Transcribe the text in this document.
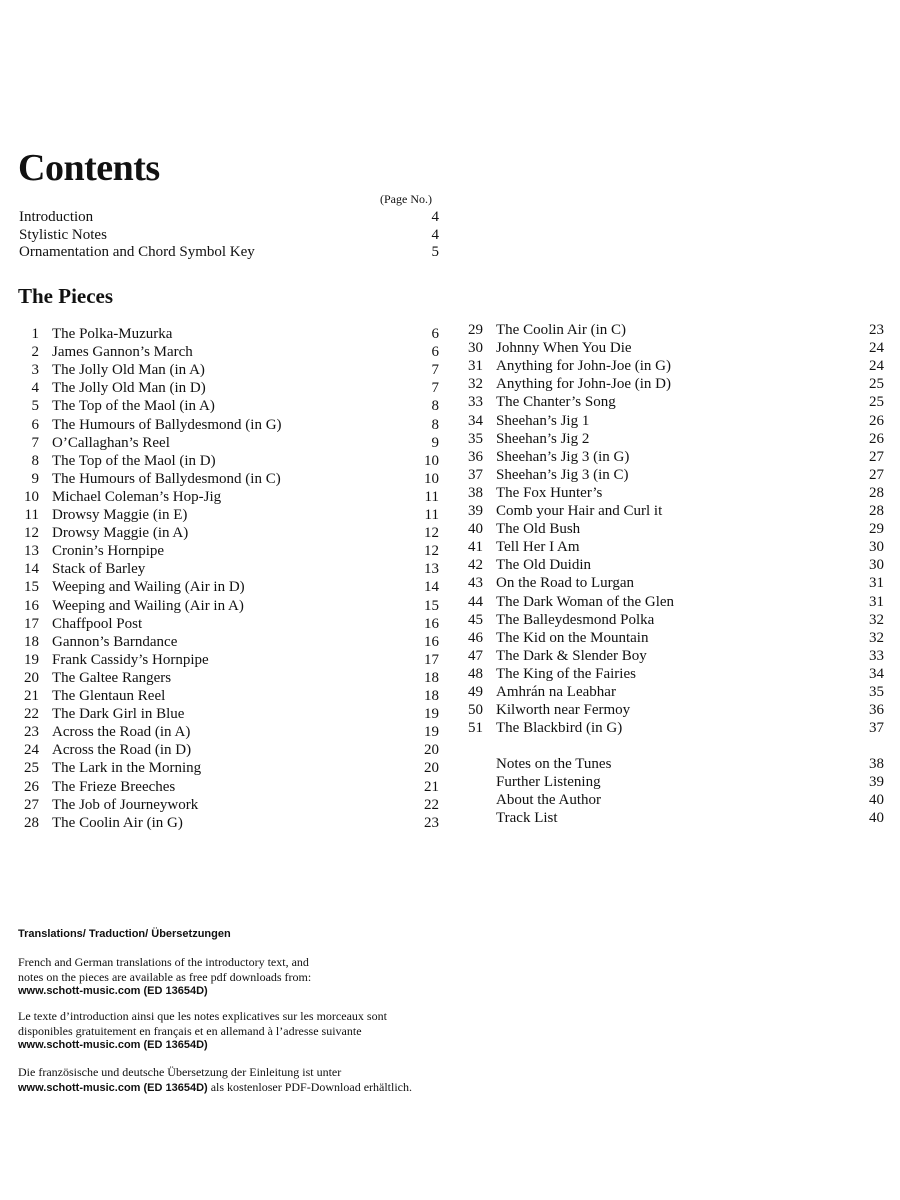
Contents
(Page No.)
Introduction	4
Stylistic Notes	4
Ornamentation and Chord Symbol Key	5
The Pieces
1 The Polka-Muzurka	6
2 James Gannon’s March	6
3 The Jolly Old Man (in A)	7
4 The Jolly Old Man (in D)	7
5 The Top of the Maol (in A)	8
6 The Humours of Ballydesmond (in G)	8
7 O’Callaghan’s Reel	9
8 The Top of the Maol (in D)	10
9 The Humours of Ballydesmond (in C)	10
10 Michael Coleman’s Hop-Jig	11
11 Drowsy Maggie (in E)	11
12 Drowsy Maggie (in A)	12
13 Cronin’s Hornpipe	12
14 Stack of Barley	13
15 Weeping and Wailing (Air in D)	14
16 Weeping and Wailing (Air in A)	15
17 Chaffpool Post	16
18 Gannon’s Barndance	16
19 Frank Cassidy’s Hornpipe	17
20 The Galtee Rangers	18
21 The Glentaun Reel	18
22 The Dark Girl in Blue	19
23 Across the Road (in A)	19
24 Across the Road (in D)	20
25 The Lark in the Morning	20
26 The Frieze Breeches	21
27 The Job of Journeywork	22
28 The Coolin Air (in G)	23
29 The Coolin Air (in C)	23
30 Johnny When You Die	24
31 Anything for John-Joe (in G)	24
32 Anything for John-Joe (in D)	25
33 The Chanter’s Song	25
34 Sheehan’s Jig 1	26
35 Sheehan’s Jig 2	26
36 Sheehan’s Jig 3 (in G)	27
37 Sheehan’s Jig 3 (in C)	27
38 The Fox Hunter’s	28
39 Comb your Hair and Curl it	28
40 The Old Bush	29
41 Tell Her I Am	30
42 The Old Duidin	30
43 On the Road to Lurgan	31
44 The Dark Woman of the Glen	31
45 The Balleydesmond Polka	32
46 The Kid on the Mountain	32
47 The Dark & Slender Boy	33
48 The King of the Fairies	34
49 Amhrán na Leabhar	35
50 Kilworth near Fermoy	36
51 The Blackbird (in G)	37
Notes on the Tunes	38
Further Listening	39
About the Author	40
Track List	40
Translations/ Traduction/ Übersetzungen
French and German translations of the introductory text, and
notes on the pieces are available as free pdf downloads from:
www.schott-music.com (ED 13654D)
Le texte d’introduction ainsi que les notes explicatives sur les morceaux sont
disponibles gratuitement en français et en allemand à l’adresse suivante
www.schott-music.com (ED 13654D)
Die französische und deutsche Übersetzung der Einleitung ist unter
www.schott-music.com (ED 13654D) als kostenloser PDF-Download erhältlich.
